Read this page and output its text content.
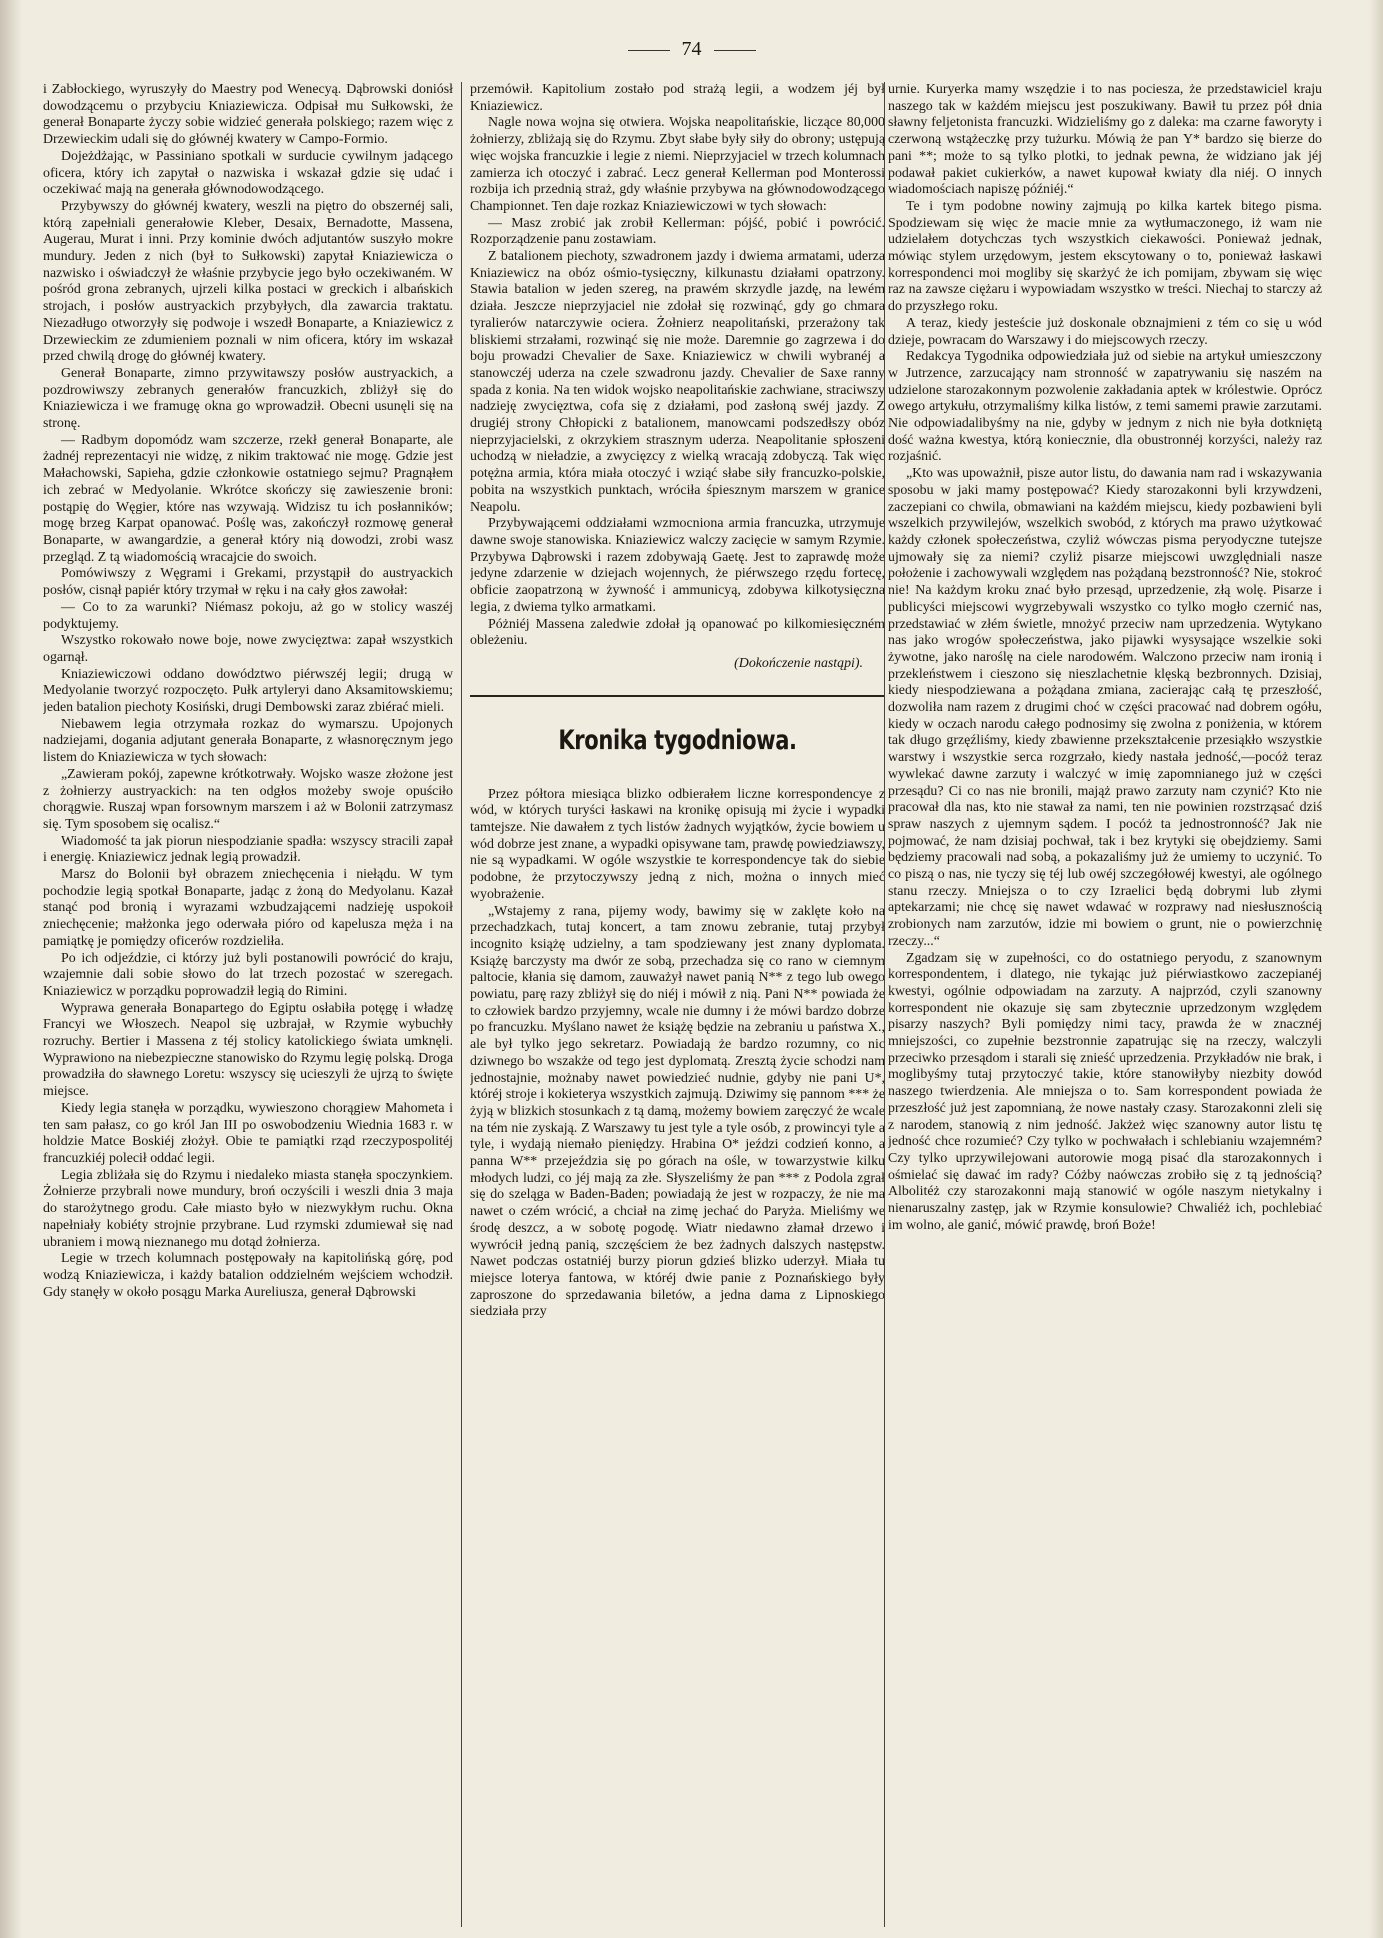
74

i Zabłockiego, wyruszyły do Maestry pod Wenecyą. Dąbrowski doniósł dowodzącemu o przybyciu Kniaziewicza. Odpisał mu Sułkowski, że generał Bonaparte życzy sobie widzieć generała polskiego; razem więc z Drzewieckim udali się do głównéj kwatery w Campo-Formio.

Dojeżdżając, w Passiniano spotkali w surducie cywilnym jadącego oficera, który ich zapytał o nazwiska i wskazał gdzie się udać i oczekiwać mają na generała głównodowodzącego.

Przybywszy do głównéj kwatery, weszli na piętro do obszernéj sali, którą zapełniali generałowie Kleber, Desaix, Bernadotte, Massena, Augerau, Murat i inni. Przy kominie dwóch adjutantów suszyło mokre mundury. Jeden z nich (był to Sułkowski) zapytał Kniaziewicza o nazwisko i oświadczył że właśnie przybycie jego było oczekiwaném. W pośród grona zebranych, ujrzeli kilka postaci w greckich i albańskich strojach, i posłów austryackich przybyłych, dla zawarcia traktatu. Niezadługo otworzyły się podwoje i wszedł Bonaparte, a Kniaziewicz z Drzewieckim ze zdumieniem poznali w nim oficera, który im wskazał przed chwilą drogę do głównéj kwatery.

Generał Bonaparte, zimno przywitawszy posłów austryackich, a pozdrowiwszy zebranych generałów francuzkich, zbliżył się do Kniaziewicza i we framugę okna go wprowadził. Obecni usunęli się na stronę.

— Radbym dopomódz wam szczerze, rzekł generał Bonaparte, ale żadnéj reprezentacyi nie widzę, z nikim traktować nie mogę. Gdzie jest Małachowski, Sapieha, gdzie członkowie ostatniego sejmu? Pragnąłem ich zebrać w Medyolanie. Wkrótce skończy się zawieszenie broni: postąpię do Węgier, które nas wzywają. Widzisz tu ich posłanników; mogę brzeg Karpat opanować. Poślę was, zakończył rozmowę generał Bonaparte, w awangardzie, a generał który nią dowodzi, zrobi wasz przegląd. Z tą wiadomością wracajcie do swoich.

Pomówiwszy z Węgrami i Grekami, przystąpił do austryackich posłów, cisnął papiér który trzymał w ręku i na cały głos zawołał:

— Co to za warunki? Niémasz pokoju, aż go w stolicy waszéj podyktujemy.

Wszystko rokowało nowe boje, nowe zwycięztwa: zapał wszystkich ogarnął.

Kniaziewiczowi oddano dowództwo piérwszéj legii; drugą w Medyolanie tworzyć rozpoczęto. Pułk artyleryi dano Aksamitowskiemu; jeden batalion piechoty Kosiński, drugi Dembowski zaraz zbiérać mieli.

Niebawem legia otrzymała rozkaz do wymarszu. Upojonych nadziejami, dogania adjutant generała Bonaparte, z własnoręcznym jego listem do Kniaziewicza w tych słowach:

„Zawieram pokój, zapewne krótkotrwały. Wojsko wasze złożone jest z żołnierzy austryackich: na ten odgłos możeby swoje opuściło chorągwie. Ruszaj wpan forsownym marszem i aż w Bolonii zatrzymasz się. Tym sposobem się ocalisz.“

Wiadomość ta jak piorun niespodzianie spadła: wszyscy stracili zapał i energię. Kniaziewicz jednak legią prowadził.

Marsz do Bolonii był obrazem zniechęcenia i niełądu. W tym pochodzie legią spotkał Bonaparte, jadąc z żoną do Medyolanu. Kazał stanąć pod bronią i wyrazami wzbudzającemi nadzieję uspokoił zniechęcenie; małżonka jego oderwała pióro od kapelusza męża i na pamiątkę je pomiędzy oficerów rozdzieliła.

Po ich odjeździe, ci którzy już byli postanowili powrócić do kraju, wzajemnie dali sobie słowo do lat trzech pozostać w szeregach. Kniaziewicz w porządku poprowadził legią do Rimini.

Wyprawa generała Bonapartego do Egiptu osłabiła potęgę i władzę Francyi we Włoszech. Neapol się uzbrajał, w Rzymie wybuchły rozruchy. Bertier i Massena z téj stolicy katolickiego świata umknęli. Wyprawiono na niebezpieczne stanowisko do Rzymu legię polską. Droga prowadziła do sławnego Loretu: wszyscy się ucieszyli że ujrzą to święte miejsce.

Kiedy legia stanęła w porządku, wywieszono chorągiew Mahometa i ten sam pałasz, co go król Jan III po oswobodzeniu Wiednia 1683 r. w holdzie Matce Boskiéj złożył. Obie te pamiątki rząd rzeczypospolitéj francuzkiéj polecił oddać legii.

Legia zbliżała się do Rzymu i niedaleko miasta stanęła spoczynkiem. Żołnierze przybrali nowe mundury, broń oczyścili i weszli dnia 3 maja do starożytnego grodu. Całe miasto było w niezwykłym ruchu. Okna napełniały kobiéty strojnie przybrane. Lud rzymski zdumiewał się nad ubraniem i mową nieznanego mu dotąd żołnierza.

Legie w trzech kolumnach postępowały na kapitolińską górę, pod wodzą Kniaziewicza, i każdy batalion oddzielném wejściem wchodził. Gdy stanęły w około posągu Marka Aureliusza, generał Dąbrowski

przemówił. Kapitolium zostało pod strażą legii, a wodzem jéj był Kniaziewicz.

Nagle nowa wojna się otwiera. Wojska neapolitańskie, liczące 80,000 żołnierzy, zbliżają się do Rzymu. Zbyt słabe były siły do obrony; ustępują więc wojska francuzkie i legie z niemi. Nieprzyjaciel w trzech kolumnach zamierza ich otoczyć i zabrać. Lecz generał Kellerman pod Monterossi rozbija ich przednią straż, gdy właśnie przybywa na głównodowodzącego Championnet. Ten daje rozkaz Kniaziewiczowi w tych słowach:

— Masz zrobić jak zrobił Kellerman: pójść, pobić i powrócić. Rozporządzenie panu zostawiam.

Z batalionem piechoty, szwadronem jazdy i dwiema armatami, uderza Kniaziewicz na obóz ośmio-tysięczny, kilkunastu działami opatrzony. Stawia batalion w jeden szereg, na prawém skrzydle jazdę, na lewém działa. Jeszcze nieprzyjaciel nie zdołał się rozwinąć, gdy go chmara tyralierów natarczywie ociera. Żołnierz neapolitański, przerażony tak bliskiemi strzałami, rozwinąć się nie może. Daremnie go zagrzewa i do boju prowadzi Chevalier de Saxe. Kniaziewicz w chwili wybranéj a stanowczéj uderza na czele szwadronu jazdy. Chevalier de Saxe ranny spada z konia. Na ten widok wojsko neapolitańskie zachwiane, straciwszy nadzieję zwycięztwa, cofa się z działami, pod zasłoną swéj jazdy. Z drugiéj strony Chłopicki z batalionem, manowcami podszedłszy obóz nieprzyjacielski, z okrzykiem strasznym uderza. Neapolitanie spłoszeni uchodzą w nieładzie, a zwycięzcy z wielką wracają zdobyczą. Tak więc potężna armia, która miała otoczyć i wziąć słabe siły francuzko-polskie, pobita na wszystkich punktach, wróciła śpiesznym marszem w granice Neapolu.

Przybywającemi oddziałami wzmocniona armia francuzka, utrzymuje dawne swoje stanowiska. Kniaziewicz walczy zacięcie w samym Rzymie. Przybywa Dąbrowski i razem zdobywają Gaetę. Jest to zaprawdę może jedyne zdarzenie w dziejach wojennych, że piérwszego rzędu fortecę, obficie zaopatrzoną w żywność i ammunicyą, zdobywa kilkotysięczna legia, z dwiema tylko armatkami.

Póżniéj Massena zaledwie zdołał ją opanować po kilkomiesięczném obleżeniu.

(Dokończenie nastąpi).

Kronika tygodniowa.

Przez półtora miesiąca blizko odbierałem liczne korrespondencye z wód, w których turyści łaskawi na kronikę opisują mi życie i wypadki tamtejsze. Nie dawałem z tych listów żadnych wyjątków, życie bowiem u wód dobrze jest znane, a wypadki opisywane tam, prawdę powiedziawszy, nie są wypadkami. W ogóle wszystkie te korrespondencye tak do siebie podobne, że przytoczywszy jedną z nich, można o innych mieć wyobrażenie.

„Wstajemy z rana, pijemy wody, bawimy się w zaklęte koło na przechadzkach, tutaj koncert, a tam znowu zebranie, tutaj przybył incognito książę udzielny, a tam spodziewany jest znany dyplomata. Książę barczysty ma dwór ze sobą, przechadza się co rano w ciemnym paltocie, kłania się damom, zauważył nawet panią N** z tego lub owego powiatu, parę razy zbliżył się do niéj i mówił z nią. Pani N** powiada że to człowiek bardzo przyjemny, wcale nie dumny i że mówi bardzo dobrze po francuzku. Myślano nawet że książę będzie na zebraniu u państwa X., ale był tylko jego sekretarz. Powiadają że bardzo rozumny, co nic dziwnego bo wszakże od tego jest dyplomatą. Zresztą życie schodzi nam jednostajnie, możnaby nawet powiedzieć nudnie, gdyby nie pani U*, któréj stroje i kokieterya wszystkich zajmują. Dziwimy się pannom *** że żyją w blizkich stosunkach z tą damą, możemy bowiem zaręczyć że wcale na tém nie zyskają. Z Warszawy tu jest tyle a tyle osób, z prowincyi tyle a tyle, i wydają niemało pieniędzy. Hrabina O* jeździ codzień konno, a panna W** przejeździa się po górach na ośle, w towarzystwie kilku młodych ludzi, co jéj mają za złe. Słyszeliśmy że pan *** z Podola zgrał się do szeląga w Baden-Baden; powiadają że jest w rozpaczy, że nie ma nawet o czém wrócić, a chciał na zimę jechać do Paryża. Mieliśmy we środę deszcz, a w sobotę pogodę. Wiatr niedawno złamał drzewo i wywrócił jedną panią, szczęściem że bez żadnych dalszych następstw. Nawet podczas ostatniéj burzy piorun gdzieś blizko uderzył. Miała tu miejsce loterya fantowa, w któréj dwie panie z Poznańskiego były zaproszone do sprzedawania biletów, a jedna dama z Lipnoskiego siedziała przy

urnie. Kuryerka mamy wszędzie i to nas pocieszа, że przedstawiciel kraju naszego tak w każdém miejscu jest poszukiwany. Bawił tu przez pół dnia sławny feljetonista francuzki. Widzieliśmy go z daleka: ma czarne faworyty i czerwoną wstążeczkę przy tużurku. Mówią że pan Y* bardzo się bierze do pani **; może to są tylko plotki, to jednak pewna, że widziano jak jéj podawał pakiet cukierków, a nawet kupował kwiaty dla niéj. O innych wiadomościach napiszę późniéj.“

Te i tym podobne nowiny zajmują po kilka kartek bitego pisma. Spodziewam się więc że macie mnie za wytłumaczonego, iż wam nie udzielałem dotychczas tych wszystkich ciekawości. Ponieważ jednak, mówiąc stylem urzędowym, jestem ekscytowany o to, ponieważ łaskawi korrespondenci moi mogliby się skarżyć że ich pomijam, zbywam się więc raz na zawsze ciężaru i wypowiadam wszystko w treści. Niechaj to starczy aż do przyszłego roku.

A teraz, kiedy jesteście już doskonale obznajmieni z tém co się u wód dzieje, powracam do Warszawy i do miejscowych rzeczy.

Redakcya Tygodnika odpowiedziała już od siebie na artykuł umieszczony w Jutrzence, zarzucający nam stronność w zapatrywaniu się naszém na udzielone starozakonnym pozwolenie zakładania aptek w królestwie. Oprócz owego artykułu, otrzymaliśmy kilka listów, z temi samemi prawie zarzutami. Nie odpowiadalibyśmy na nie, gdyby w jednym z nich nie była dotkniętą dość ważna kwestya, którą koniecznie, dla obustronnéj korzyści, należy raz rozjaśnić.

„Kto was upoważnił, pisze autor listu, do dawania nam rad i wskazywania sposobu w jaki mamy postępować? Kiedy starozakonni byli krzywdzeni, zaczepiani co chwila, obmawiani na każdém miejscu, kiedy pozbawieni byli wszelkich przywilejów, wszelkich swobód, z których ma prawo użytkować każdy członek społeczeństwa, czyliż wówczas pisma peryodyczne tutejsze ujmowały się za niemi? czyliż pisarze miejscowi uwzględniali nasze położenie i zachowywali względem nas pożądaną bezstronność? Nie, stokroć nie! Na każdym kroku znać było przesąd, uprzedzenie, złą wolę. Pisarze i publicyści miejscowi wygrzebywali wszystko co tylko mogło czernić nas, przedstawiać w złém świetle, mnożyć przeciw nam uprzedzenia. Wytykano nas jako wrogów społeczeństwa, jako pijawki wysysające wszelkie soki żywotne, jako naroślę na ciele narodowém. Walczono przeciw nam ironią i przekleństwem i cieszono się nieszlachetnie klęską bezbronnych. Dzisiaj, kiedy niespodziewana a pożądana zmiana, zacierając całą tę przeszłość, dozwoliła nam razem z drugimi choć w części pracować nad dobrem ogółu, kiedy w oczach narodu całego podnosimy się zwolna z poniżenia, w którem tak długo grzęźliśmy, kiedy zbawienne przekształcenie przesiąkło wszystkie warstwy i wszystkie serca rozgrzało, kiedy nastała jedność,—pocóż teraz wywlekać dawne zarzuty i walczyć w imię zapomnianego już w części przesądu? Ci co nas nie bronili, mająż prawo zarzuty nam czynić? Kto nie pracował dla nas, kto nie stawał za nami, ten nie powinien rozstrząsać dziś spraw naszych z ujemnym sądem. I pocóż ta jednostronność? Jak nie pojmować, że nam dzisiaj pochwał, tak i bez krytyki się obejdziemy. Sami będziemy pracowali nad sobą, a pokazaliśmy już że umiemy to uczynić. To co piszą o nas, nie tyczy się téj lub owéj szczegółowéj kwestyi, ale ogólnego stanu rzeczy. Mniejsza o to czy Izraelici będą dobrymi lub złymi aptekarzami; nie chcę się nawet wdawać w rozprawy nad niesłusznością zrobionych nam zarzutów, idzie mi bowiem o grunt, nie o powierzchnię rzeczy...“

Zgadzam się w zupełności, co do ostatniego peryodu, z szanownym korrespondentem, i dlatego, nie tykając już piérwiastkowo zaczepianéj kwestyi, ogólnie odpowiadam na zarzuty. A najprzód, czyli szanowny korrespondent nie okazuje się sam zbytecznie uprzedzonym względem pisarzy naszych? Byli pomiędzy nimi tacy, prawda że w znacznéj mniejszości, co zupełnie bezstronnie zapatrując się na rzeczy, walczyli przeciwko przesądom i starali się znieść uprzedzenia. Przykładów nie brak, i moglibyśmy tutaj przytoczyć takie, które stanowiłyby niezbity dowód naszego twierdzenia. Ale mniejsza o to. Sam korrespondent powiada że przeszłość już jest zapomnianą, że nowe nastały czasy. Starozakonni zleli się z narodem, stanowią z nim jedność. Jakżeż więc szanowny autor listu tę jedność chce rozumieć? Czy tylko w pochwałach i schlebianiu wzajemném? Czy tylko uprzywilejowani autorowie mogą pisać dla starozakonnych i ośmielać się dawać im rady? Cóżby naówczas zrobiło się z tą jednością? Albolitéż czy starozakonni mają stanowić w ogóle naszym nietykalny i nienaruszalny zastęp, jak w Rzymie konsulowie? Chwaliéż ich, pochlebiać im wolno, ale ganić, mówić prawdę, broń Boże!
